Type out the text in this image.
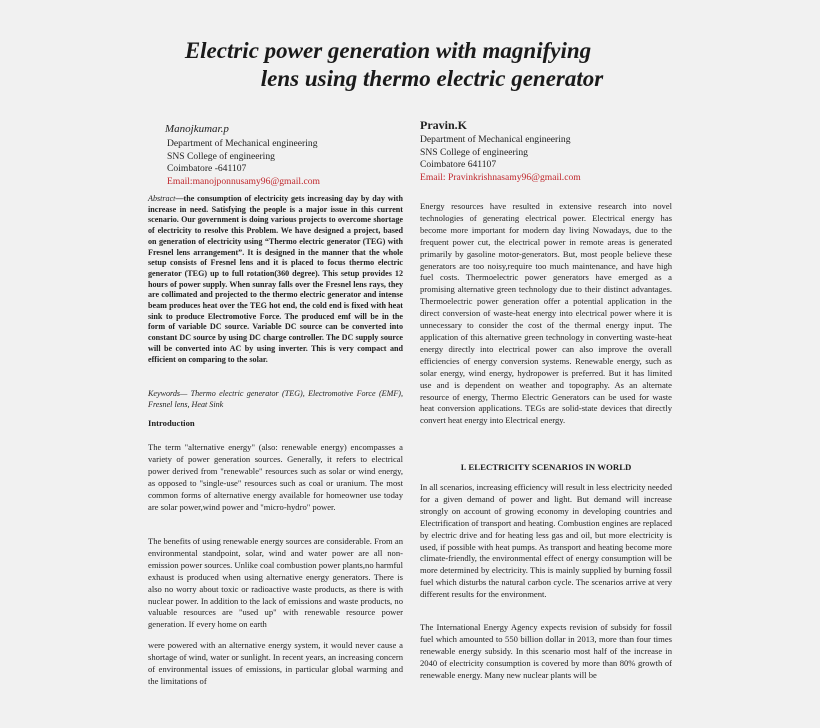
Electric power generation with magnifying
lens using thermo electric generator
Manojkumar.p
Department of Mechanical engineering
SNS College of engineering
Coimbatore -641107
Email:manojponnusamy96@gmail.com
Pravin.K
Department of Mechanical engineering
SNS College of engineering
Coimbatore 641107
Email: Pravinkrishnasamy96@gmail.com

Abstract—the consumption of electricity gets increasing day by day with increase in need. Satisfying the people is a major issue in this current scenario. Our government is doing various projects to overcome shortage of electricity to resolve this Problem. We have designed a project, based on generation of electricity using “Thermo electric generator (TEG) with Fresnel lens arrangement”. It is designed in the manner that the whole setup consists of Fresnel lens and it is placed to focus thermo electric generator (TEG) up to full rotation(360 degree). This setup provides 12 hours of power supply. When sunray falls over the Fresnel lens rays, they are collimated and projected to the thermo electric generator and intense beam produces heat over the TEG hot end, the cold end is fixed with heat sink to produce Electromotive Force. The produced emf will be in the form of variable DC source. Variable DC source can be converted into constant DC source by using DC charge controller. The DC supply source will be converted into AC by using inverter. This is very compact and efficient on comparing to the solar.

Keywords— Thermo electric generator (TEG), Electromotive Force (EMF), Fresnel lens, Heat Sink

Introduction

The term "alternative energy" (also: renewable energy) encompasses a variety of power generation sources. Generally, it refers to electrical power derived from "renewable" resources such as solar or wind energy, as opposed to "single-use" resources such as coal or uranium. The most common forms of alternative energy available for homeowner use today are solar power,wind power and "micro-hydro" power.

The benefits of using renewable energy sources are considerable. From an environmental standpoint, solar, wind and water power are all non-emission power sources. Unlike coal combustion power plants,no harmful exhaust is produced when using alternative energy generators. There is also no worry about toxic or radioactive waste products, as there is with nuclear power. In addition to the lack of emissions and waste products, no valuable resources are "used up" with renewable resource power generation. If every home on earth

were powered with an alternative energy system, it would never cause a shortage of wind, water or sunlight. In recent years, an increasing concern of environmental issues of emissions, in particular global warming and the limitations of

Energy resources have resulted in extensive research into novel technologies of generating electrical power. Electrical energy has become more important for modern day living Nowadays, due to the frequent power cut, the electrical power in remote areas is generated primarily by gasoline motor-generators. But, most people believe these generators are too noisy,require too much maintenance, and have high fuel costs. Thermoelectric power generators have emerged as a promising alternative green technology due to their distinct advantages. Thermoelectric power generation offer a potential application in the direct conversion of waste-heat energy into electrical power where it is unnecessary to consider the cost of the thermal energy input. The application of this alternative green technology in converting waste-heat energy directly into electrical power can also improve the overall efficiencies of energy conversion systems. Renewable energy, such as solar energy, wind energy, hydropower is preferred. But it has limited use and is dependent on weather and topography. As an alternate resource of energy, Thermo Electric Generators can be used for waste heat conversion applications. TEGs are solid-state devices that directly convert heat energy into Electrical energy.

I. ELECTRICITY SCENARIOS IN WORLD

In all scenarios, increasing efficiency will result in less electricity needed for a given demand of power and light. But demand will increase strongly on account of growing economy in developing countries and Electrification of transport and heating. Combustion engines are replaced by electric drive and for heating less gas and oil, but more electricity is used, if possible with heat pumps. As transport and heating become more climate-friendly, the environmental effect of energy consumption will be more determined by electricity. This is mainly supplied by burning fossil fuel which disturbs the natural carbon cycle. The scenarios arrive at very different results for the environment.

The International Energy Agency expects revision of subsidy for fossil fuel which amounted to 550 billion dollar in 2013, more than four times renewable energy subsidy. In this scenario most half of the increase in 2040 of electricity consumption is covered by more than 80% growth of renewable energy. Many new nuclear plants will be
